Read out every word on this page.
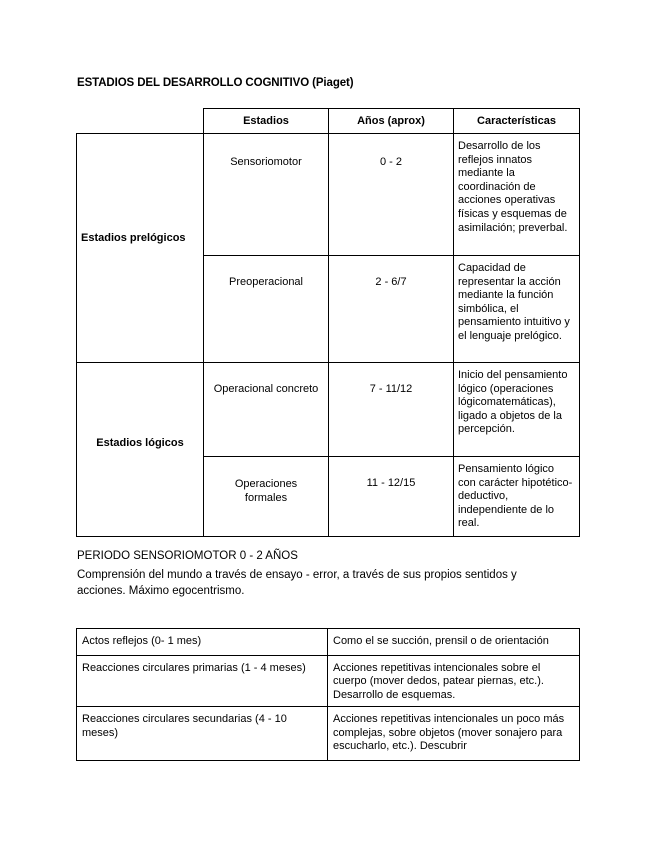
ESTADIOS DEL DESARROLLO COGNITIVO (Piaget)
	Estadios	Años (aprox)	Características

Estadios prelógicos	Sensoriomotor	0 - 2	Desarrollo de los reflejos innatos mediante la coordinación de acciones operativas físicas y esquemas de asimilación; preverbal.
	Preoperacional	2 - 6/7	Capacidad de representar la acción mediante la función simbólica, el pensamiento intuitivo y el lenguaje prelógico.

Estadios lógicos	Operacional concreto	7 - 11/12	Inicio del pensamiento lógico (operaciones lógicomatemáticas), ligado a objetos de la percepción.
	Operaciones formales	11 - 12/15	Pensamiento lógico con carácter hipotético- deductivo, independiente de lo real.
PERIODO SENSORIOMOTOR 0 - 2 AÑOS
Comprensión del mundo a través de ensayo - error, a través de sus propios sentidos y acciones. Máximo egocentrismo.
Actos reflejos (0- 1 mes)	Como el se succión, prensil o de orientación
Reacciones circulares primarias (1 - 4 meses)	Acciones repetitivas intencionales sobre el cuerpo (mover dedos, patear piernas, etc.). Desarrollo de esquemas.
Reacciones circulares secundarias (4 - 10 meses)	Acciones repetitivas intencionales un poco más complejas, sobre objetos (mover sonajero para escucharlo, etc.). Descubrir
